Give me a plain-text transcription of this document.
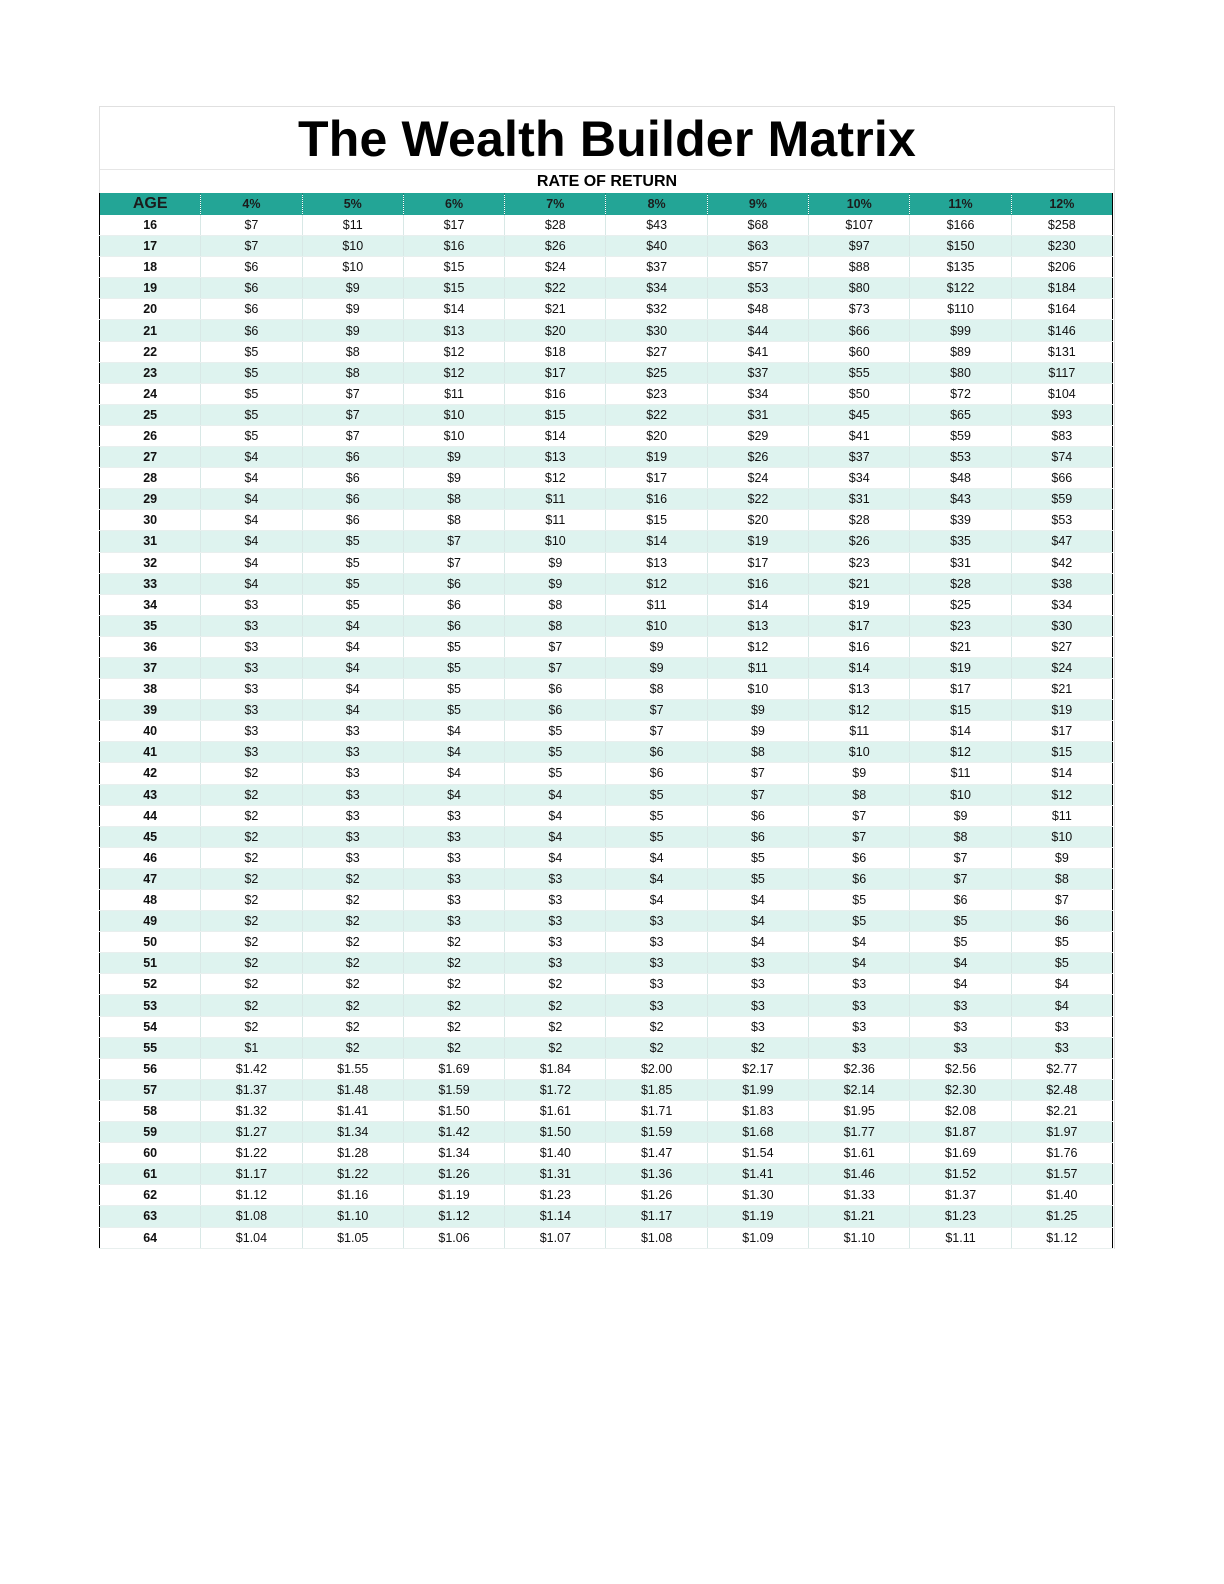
The Wealth Builder Matrix
RATE OF RETURN
AGE	4%	5%	6%	7%	8%	9%	10%	11%	12%
16	$7	$11	$17	$28	$43	$68	$107	$166	$258
17	$7	$10	$16	$26	$40	$63	$97	$150	$230
18	$6	$10	$15	$24	$37	$57	$88	$135	$206
19	$6	$9	$15	$22	$34	$53	$80	$122	$184
20	$6	$9	$14	$21	$32	$48	$73	$110	$164
21	$6	$9	$13	$20	$30	$44	$66	$99	$146
22	$5	$8	$12	$18	$27	$41	$60	$89	$131
23	$5	$8	$12	$17	$25	$37	$55	$80	$117
24	$5	$7	$11	$16	$23	$34	$50	$72	$104
25	$5	$7	$10	$15	$22	$31	$45	$65	$93
26	$5	$7	$10	$14	$20	$29	$41	$59	$83
27	$4	$6	$9	$13	$19	$26	$37	$53	$74
28	$4	$6	$9	$12	$17	$24	$34	$48	$66
29	$4	$6	$8	$11	$16	$22	$31	$43	$59
30	$4	$6	$8	$11	$15	$20	$28	$39	$53
31	$4	$5	$7	$10	$14	$19	$26	$35	$47
32	$4	$5	$7	$9	$13	$17	$23	$31	$42
33	$4	$5	$6	$9	$12	$16	$21	$28	$38
34	$3	$5	$6	$8	$11	$14	$19	$25	$34
35	$3	$4	$6	$8	$10	$13	$17	$23	$30
36	$3	$4	$5	$7	$9	$12	$16	$21	$27
37	$3	$4	$5	$7	$9	$11	$14	$19	$24
38	$3	$4	$5	$6	$8	$10	$13	$17	$21
39	$3	$4	$5	$6	$7	$9	$12	$15	$19
40	$3	$3	$4	$5	$7	$9	$11	$14	$17
41	$3	$3	$4	$5	$6	$8	$10	$12	$15
42	$2	$3	$4	$5	$6	$7	$9	$11	$14
43	$2	$3	$4	$4	$5	$7	$8	$10	$12
44	$2	$3	$3	$4	$5	$6	$7	$9	$11
45	$2	$3	$3	$4	$5	$6	$7	$8	$10
46	$2	$3	$3	$4	$4	$5	$6	$7	$9
47	$2	$2	$3	$3	$4	$5	$6	$7	$8
48	$2	$2	$3	$3	$4	$4	$5	$6	$7
49	$2	$2	$3	$3	$3	$4	$5	$5	$6
50	$2	$2	$2	$3	$3	$4	$4	$5	$5
51	$2	$2	$2	$3	$3	$3	$4	$4	$5
52	$2	$2	$2	$2	$3	$3	$3	$4	$4
53	$2	$2	$2	$2	$3	$3	$3	$3	$4
54	$2	$2	$2	$2	$2	$3	$3	$3	$3
55	$1	$2	$2	$2	$2	$2	$3	$3	$3
56	$1.42	$1.55	$1.69	$1.84	$2.00	$2.17	$2.36	$2.56	$2.77
57	$1.37	$1.48	$1.59	$1.72	$1.85	$1.99	$2.14	$2.30	$2.48
58	$1.32	$1.41	$1.50	$1.61	$1.71	$1.83	$1.95	$2.08	$2.21
59	$1.27	$1.34	$1.42	$1.50	$1.59	$1.68	$1.77	$1.87	$1.97
60	$1.22	$1.28	$1.34	$1.40	$1.47	$1.54	$1.61	$1.69	$1.76
61	$1.17	$1.22	$1.26	$1.31	$1.36	$1.41	$1.46	$1.52	$1.57
62	$1.12	$1.16	$1.19	$1.23	$1.26	$1.30	$1.33	$1.37	$1.40
63	$1.08	$1.10	$1.12	$1.14	$1.17	$1.19	$1.21	$1.23	$1.25
64	$1.04	$1.05	$1.06	$1.07	$1.08	$1.09	$1.10	$1.11	$1.12
